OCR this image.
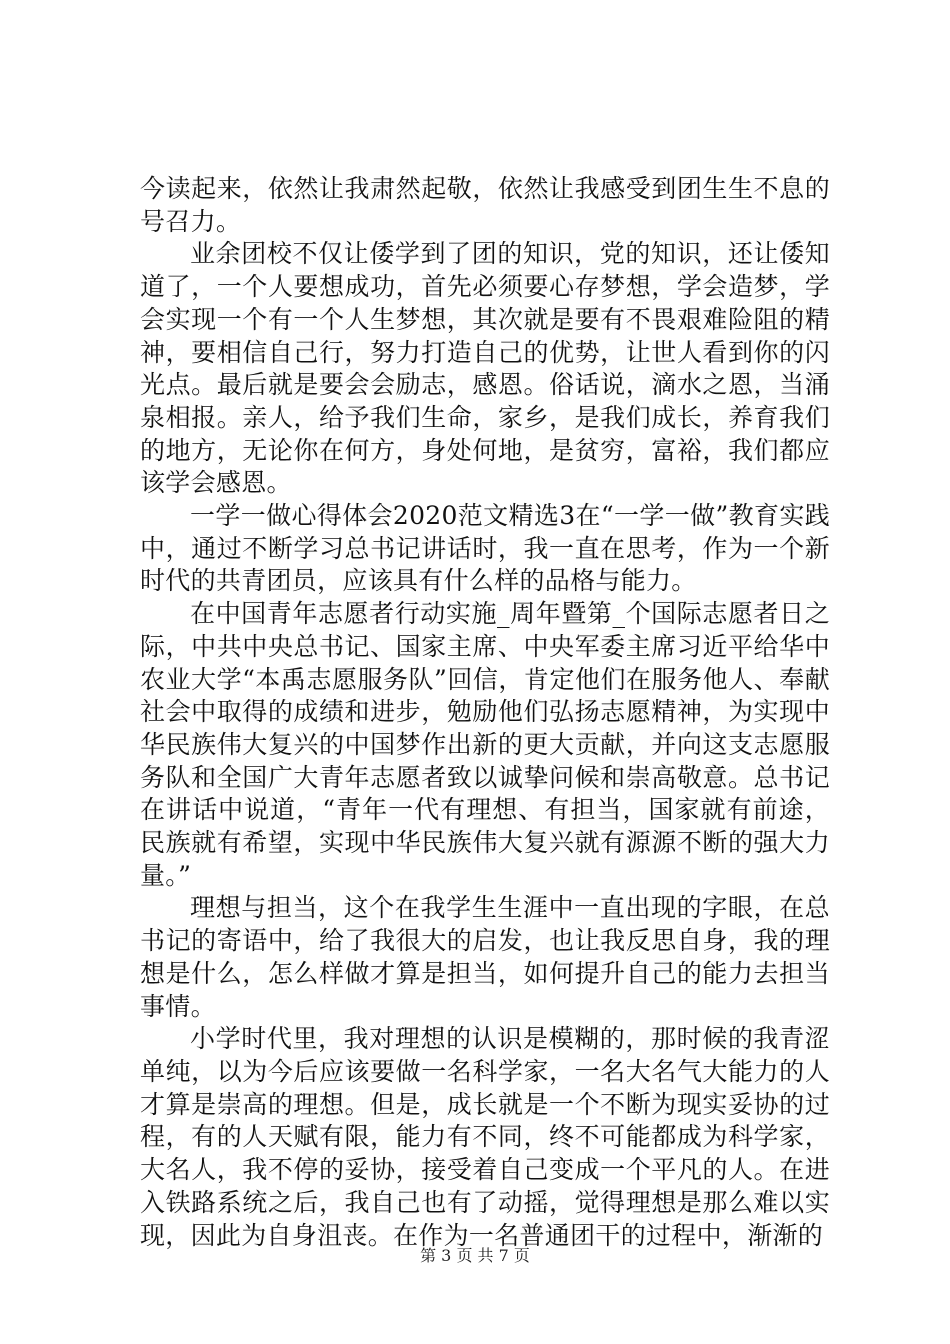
今读起来，依然让我肃然起敬，依然让我感受到团生生不息的号召力。

业余团校不仅让倭学到了团的知识，党的知识，还让倭知道了，一个人要想成功，首先必须要心存梦想，学会造梦，学会实现一个有一个人生梦想，其次就是要有不畏艰难险阻的精神，要相信自己行，努力打造自己的优势，让世人看到你的闪光点。最后就是要会会励志，感恩。俗话说，滴水之恩，当涌泉相报。亲人，给予我们生命，家乡，是我们成长，养育我们的地方，无论你在何方，身处何地，是贫穷，富裕，我们都应该学会感恩。

一学一做心得体会2020范文精选3在“一学一做”教育实践中，通过不断学习总书记讲话时，我一直在思考，作为一个新时代的共青团员，应该具有什么样的品格与能力。

在中国青年志愿者行动实施_周年暨第_个国际志愿者日之际，中共中央总书记、国家主席、中央军委主席习近平给华中农业大学“本禹志愿服务队”回信，肯定他们在服务他人、奉献社会中取得的成绩和进步，勉励他们弘扬志愿精神，为实现中华民族伟大复兴的中国梦作出新的更大贡献，并向这支志愿服务队和全国广大青年志愿者致以诚挚问候和崇高敬意。总书记在讲话中说道，“青年一代有理想、有担当，国家就有前途，民族就有希望，实现中华民族伟大复兴就有源源不断的强大力量。”

理想与担当，这个在我学生生涯中一直出现的字眼，在总书记的寄语中，给了我很大的启发，也让我反思自身，我的理想是什么，怎么样做才算是担当，如何提升自己的能力去担当事情。

小学时代里，我对理想的认识是模糊的，那时候的我青涩单纯，以为今后应该要做一名科学家，一名大名气大能力的人才算是崇高的理想。但是，成长就是一个不断为现实妥协的过程，有的人天赋有限，能力有不同，终不可能都成为科学家，大名人，我不停的妥协，接受着自己变成一个平凡的人。在进入铁路系统之后，我自己也有了动摇，觉得理想是那么难以实现，因此为自身沮丧。在作为一名普通团干的过程中，渐渐的

第 3 页 共 7 页
